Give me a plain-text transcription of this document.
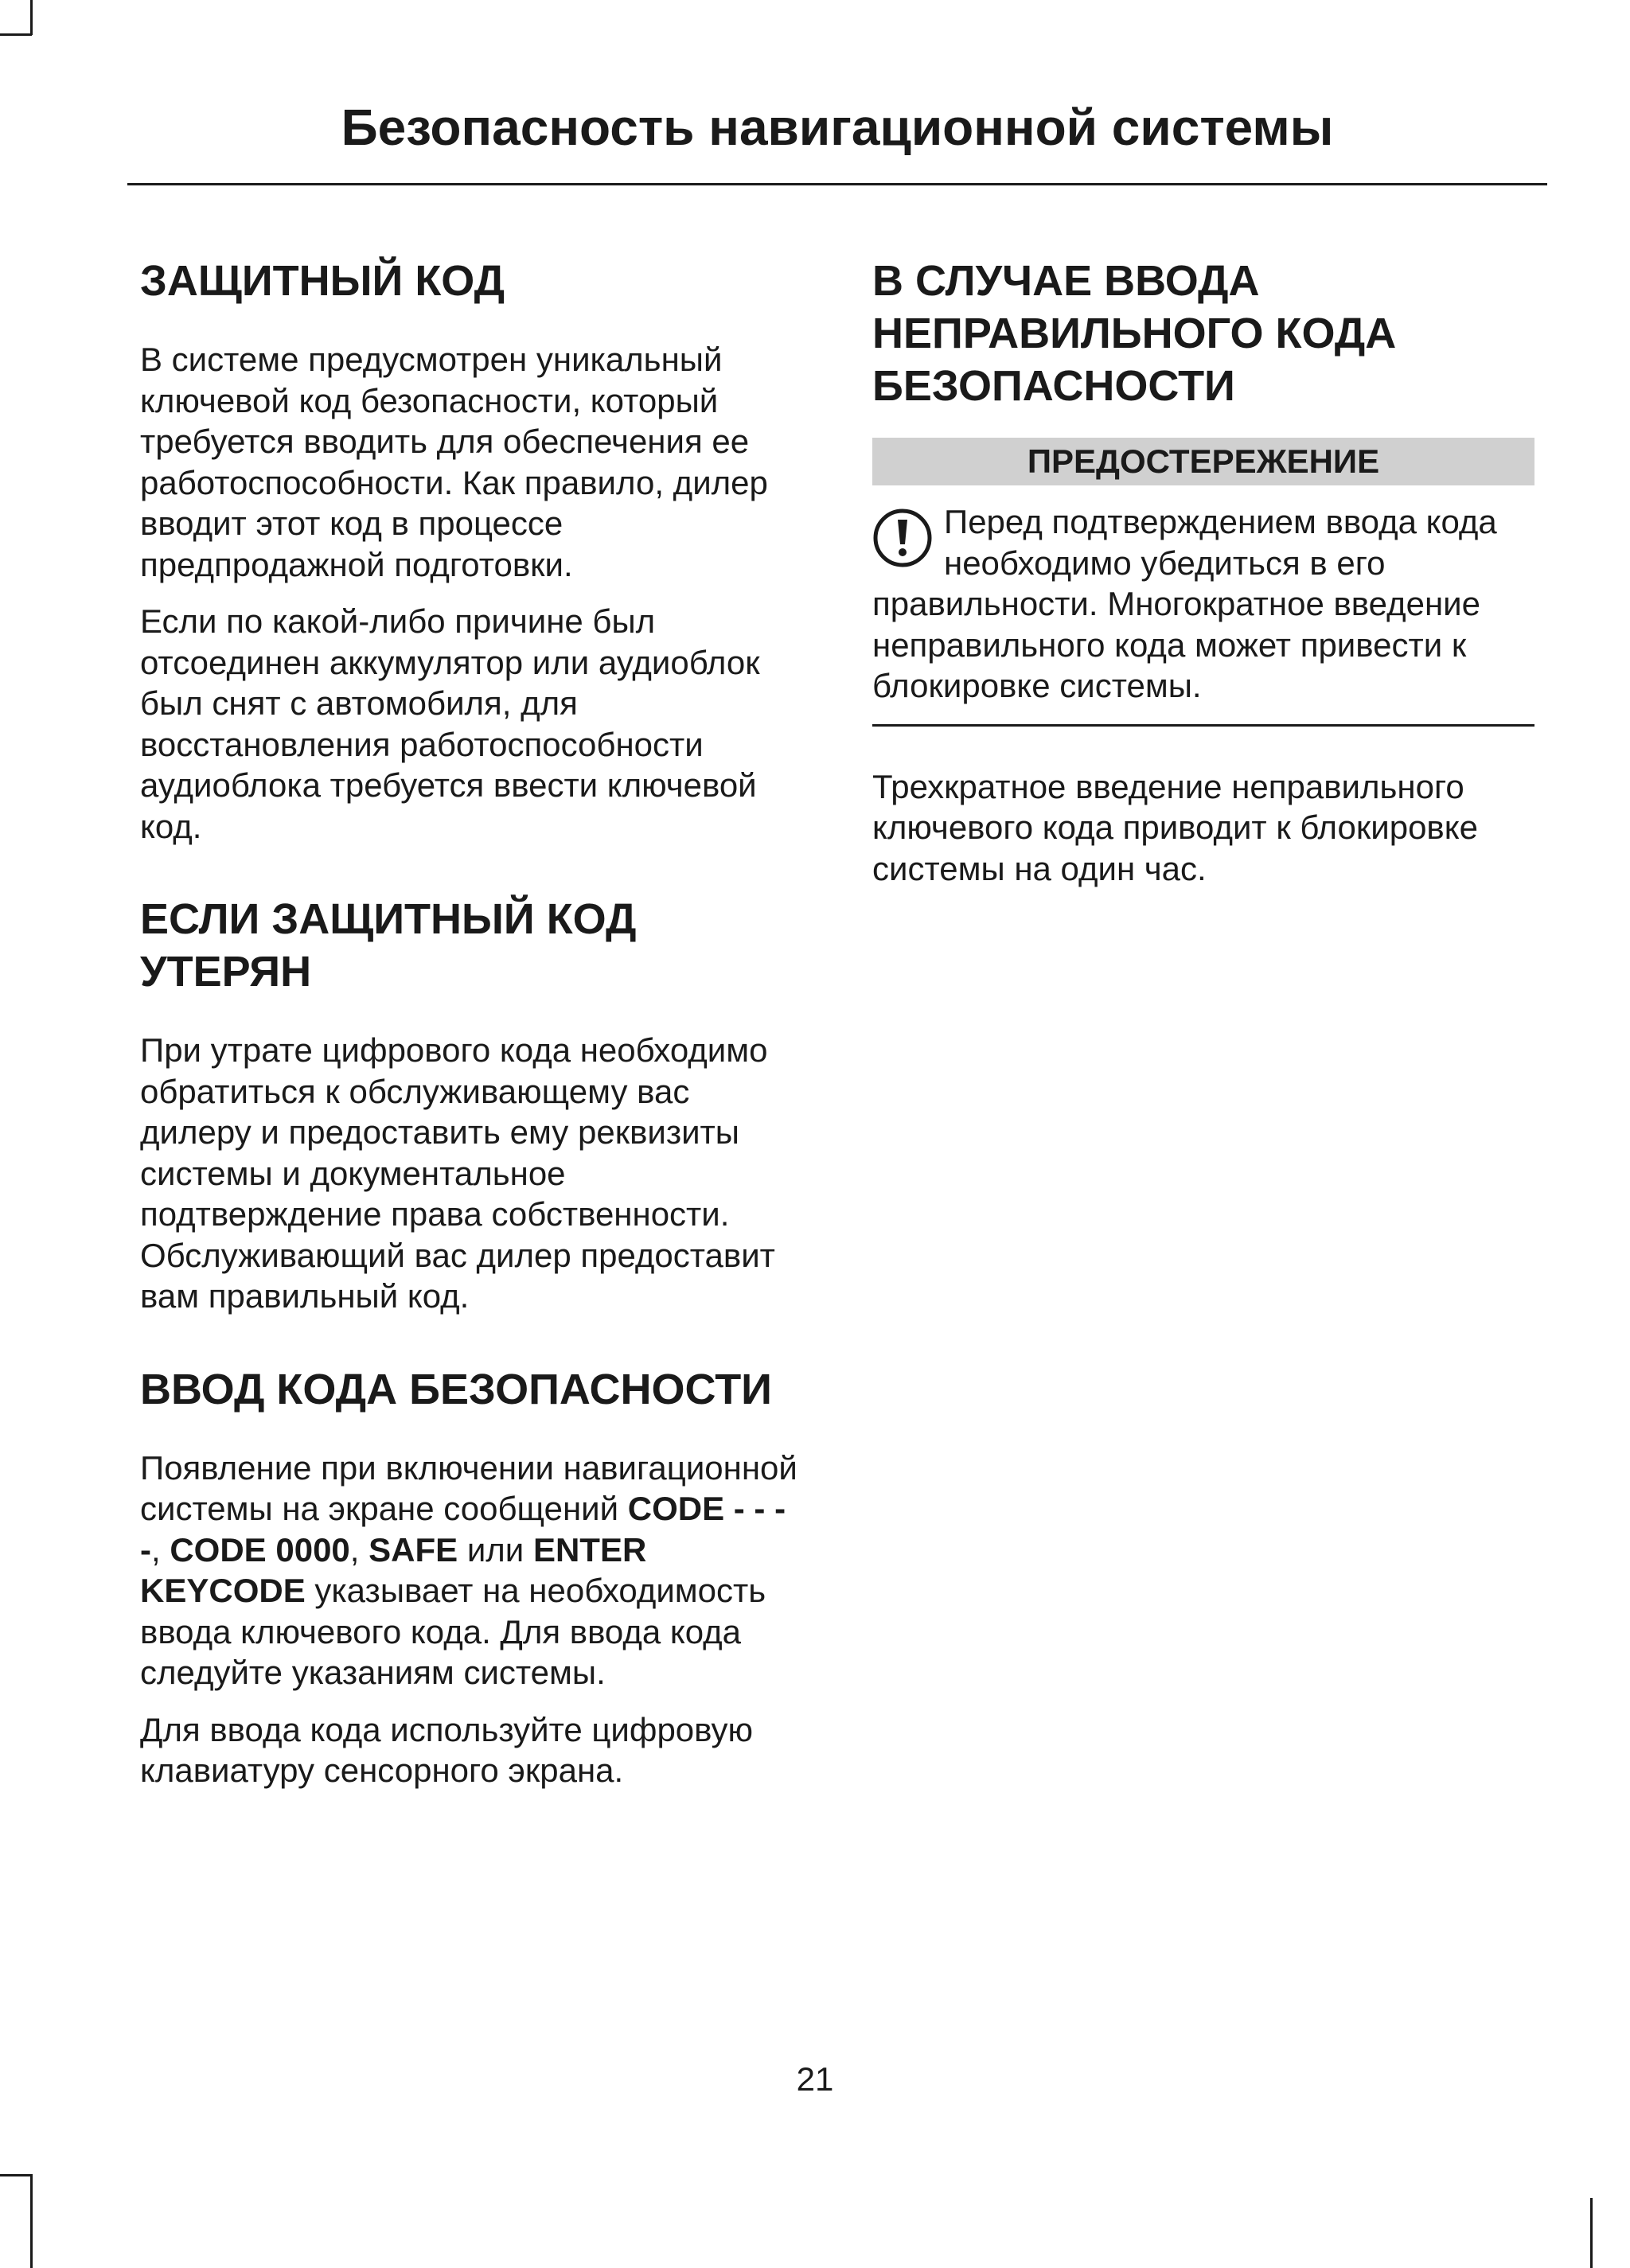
Безопасность навигационной системы
ЗАЩИТНЫЙ КОД

В системе предусмотрен уникальный ключевой код безопасности, который требуется вводить для обеспечения ее работоспособности. Как правило, дилер вводит этот код в процессе предпродажной подготовки.

Если по какой-либо причине был отсоединен аккумулятор или аудиоблок был снят с автомобиля, для восстановления работоспособности аудиоблока требуется ввести ключевой код.

ЕСЛИ ЗАЩИТНЫЙ КОД УТЕРЯН

При утрате цифрового кода необходимо обратиться к обслуживающему вас дилеру и предоставить ему реквизиты системы и документальное подтверждение права собственности. Обслуживающий вас дилер предоставит вам правильный код.

ВВОД КОДА БЕЗОПАСНОСТИ

Появление при включении навигационной системы на экране сообщений CODE - - - -, CODE 0000, SAFE или ENTER KEYCODE указывает на необходимость ввода ключевого кода. Для ввода кода следуйте указаниям системы.

Для ввода кода используйте цифровую клавиатуру сенсорного экрана.

В СЛУЧАЕ ВВОДА НЕПРАВИЛЬНОГО КОДА БЕЗОПАСНОСТИ
ПРЕДОСТЕРЕЖЕНИЕ
Перед подтверждением ввода кода необходимо убедиться в его правильности. Многократное введение неправильного кода может привести к блокировке системы.

Трехкратное введение неправильного ключевого кода приводит к блокировке системы на один час.

21
